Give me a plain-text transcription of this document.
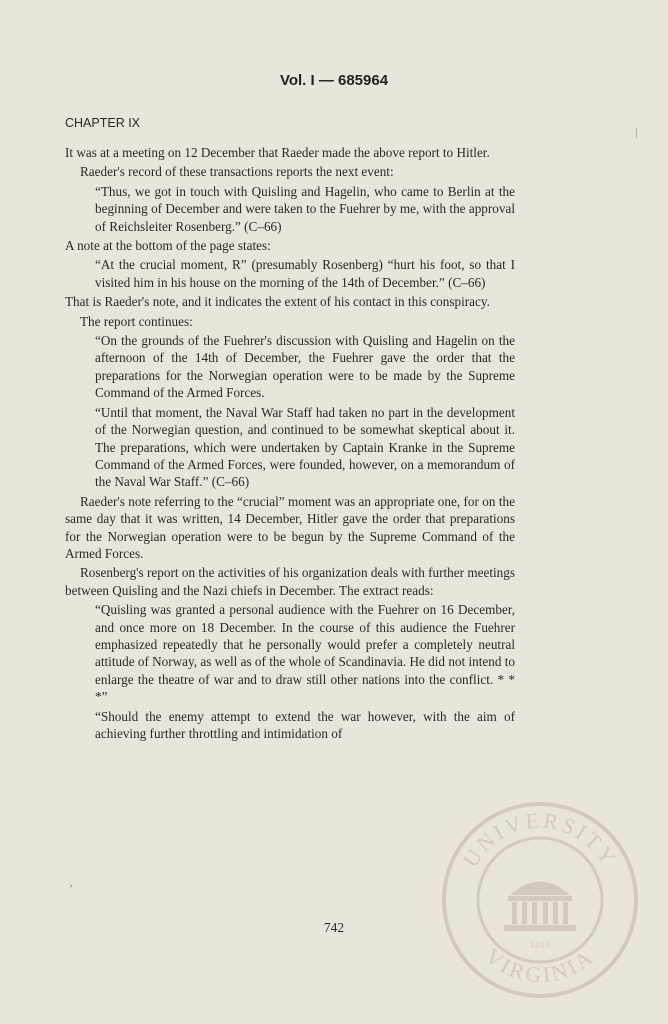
Vol. I — 685964
CHAPTER IX

It was at a meeting on 12 December that Raeder made the above report to Hitler.

Raeder's record of these transactions reports the next event:

“Thus, we got in touch with Quisling and Hagelin, who came to Berlin at the beginning of December and were taken to the Fuehrer by me, with the approval of Reichsleiter Rosenberg.” (C–66)

A note at the bottom of the page states:

“At the crucial moment, R” (presumably Rosenberg) “hurt his foot, so that I visited him in his house on the morning of the 14th of December.” (C–66)

That is Raeder's note, and it indicates the extent of his contact in this conspiracy.

The report continues:

“On the grounds of the Fuehrer's discussion with Quisling and Hagelin on the afternoon of the 14th of December, the Fuehrer gave the order that the preparations for the Norwegian operation were to be made by the Supreme Command of the Armed Forces.

“Until that moment, the Naval War Staff had taken no part in the development of the Norwegian question, and continued to be somewhat skeptical about it. The preparations, which were undertaken by Captain Kranke in the Supreme Command of the Armed Forces, were founded, however, on a memorandum of the Naval War Staff.” (C–66)

Raeder's note referring to the “crucial” moment was an appropriate one, for on the same day that it was written, 14 December, Hitler gave the order that preparations for the Norwegian operation were to be begun by the Supreme Command of the Armed Forces.

Rosenberg's report on the activities of his organization deals with further meetings between Quisling and the Nazi chiefs in December. The extract reads:

“Quisling was granted a personal audience with the Fuehrer on 16 December, and once more on 18 December. In the course of this audience the Fuehrer emphasized repeatedly that he personally would prefer a completely neutral attitude of Norway, as well as of the whole of Scandinavia. He did not intend to enlarge the theatre of war and to draw still other nations into the conflict. * * *”

“Should the enemy attempt to extend the war however, with the aim of achieving further throttling and intimidation of

,
742
UNIVERSITY
VIRGINIA
1819
